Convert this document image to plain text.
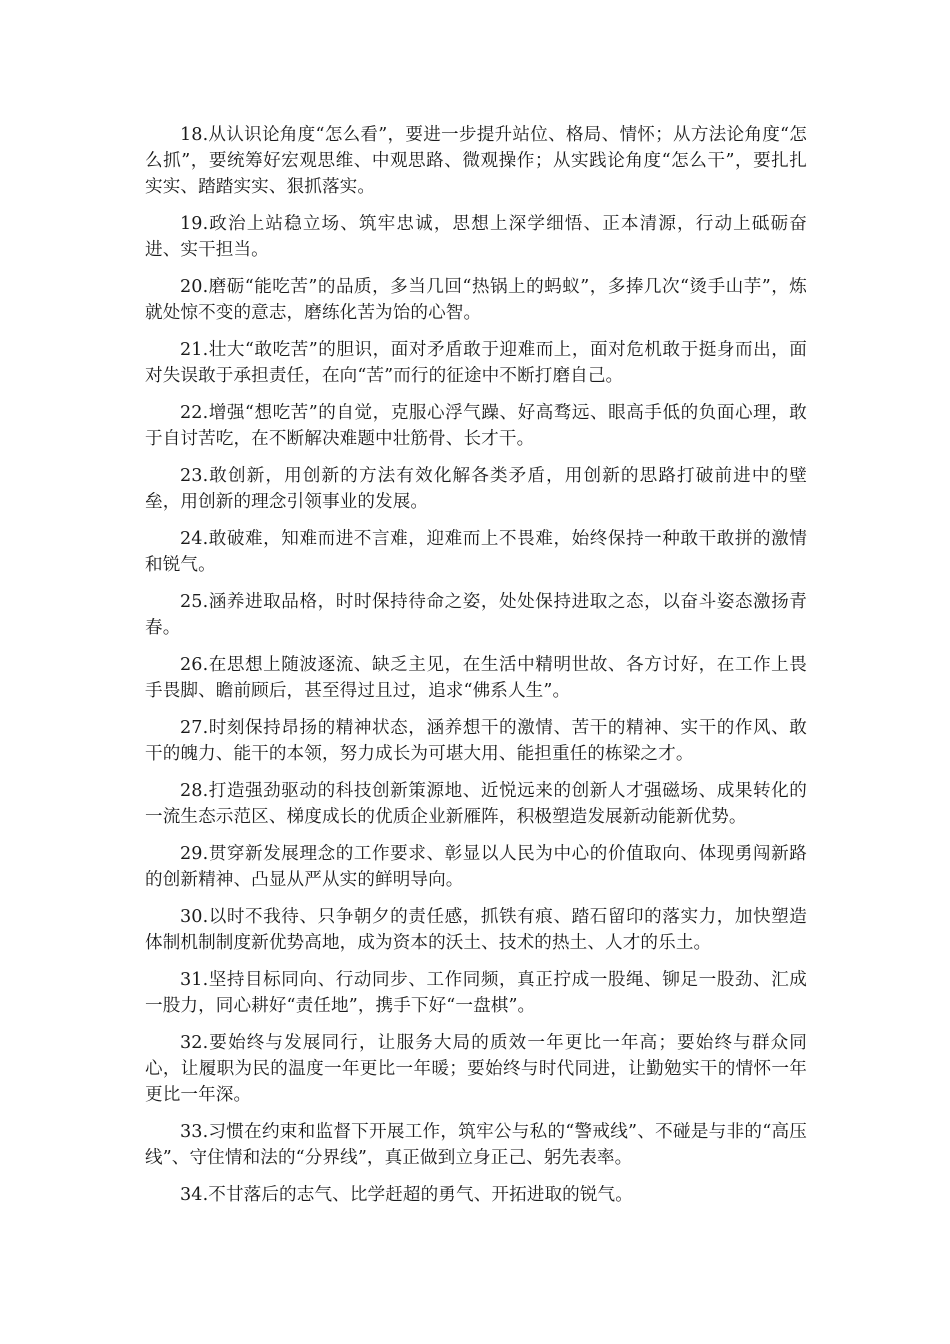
18.从认识论角度“怎么看”，要进一步提升站位、格局、情怀；从方法论角度“怎么抓”，要统筹好宏观思维、中观思路、微观操作；从实践论角度“怎么干”，要扎扎实实、踏踏实实、狠抓落实。

19.政治上站稳立场、筑牢忠诚，思想上深学细悟、正本清源，行动上砥砺奋进、实干担当。

20.磨砺“能吃苦”的品质，多当几回“热锅上的蚂蚁”，多捧几次“烫手山芋”，炼就处惊不变的意志，磨练化苦为饴的心智。

21.壮大“敢吃苦”的胆识，面对矛盾敢于迎难而上，面对危机敢于挺身而出，面对失误敢于承担责任，在向“苦”而行的征途中不断打磨自己。

22.增强“想吃苦”的自觉，克服心浮气躁、好高骛远、眼高手低的负面心理，敢于自讨苦吃，在不断解决难题中壮筋骨、长才干。

23.敢创新，用创新的方法有效化解各类矛盾，用创新的思路打破前进中的壁垒，用创新的理念引领事业的发展。

24.敢破难，知难而进不言难，迎难而上不畏难，始终保持一种敢干敢拼的激情和锐气。

25.涵养进取品格，时时保持待命之姿，处处保持进取之态，以奋斗姿态激扬青春。

26.在思想上随波逐流、缺乏主见，在生活中精明世故、各方讨好，在工作上畏手畏脚、瞻前顾后，甚至得过且过，追求“佛系人生”。

27.时刻保持昂扬的精神状态，涵养想干的激情、苦干的精神、实干的作风、敢干的魄力、能干的本领，努力成长为可堪大用、能担重任的栋梁之才。

28.打造强劲驱动的科技创新策源地、近悦远来的创新人才强磁场、成果转化的一流生态示范区、梯度成长的优质企业新雁阵，积极塑造发展新动能新优势。

29.贯穿新发展理念的工作要求、彰显以人民为中心的价值取向、体现勇闯新路的创新精神、凸显从严从实的鲜明导向。

30.以时不我待、只争朝夕的责任感，抓铁有痕、踏石留印的落实力，加快塑造体制机制制度新优势高地，成为资本的沃土、技术的热土、人才的乐土。

31.坚持目标同向、行动同步、工作同频，真正拧成一股绳、铆足一股劲、汇成一股力，同心耕好“责任地”，携手下好“一盘棋”。

32.要始终与发展同行，让服务大局的质效一年更比一年高；要始终与群众同心，让履职为民的温度一年更比一年暖；要始终与时代同进，让勤勉实干的情怀一年更比一年深。

33.习惯在约束和监督下开展工作，筑牢公与私的“警戒线”、不碰是与非的“高压线”、守住情和法的“分界线”，真正做到立身正己、躬先表率。

34.不甘落后的志气、比学赶超的勇气、开拓进取的锐气。
